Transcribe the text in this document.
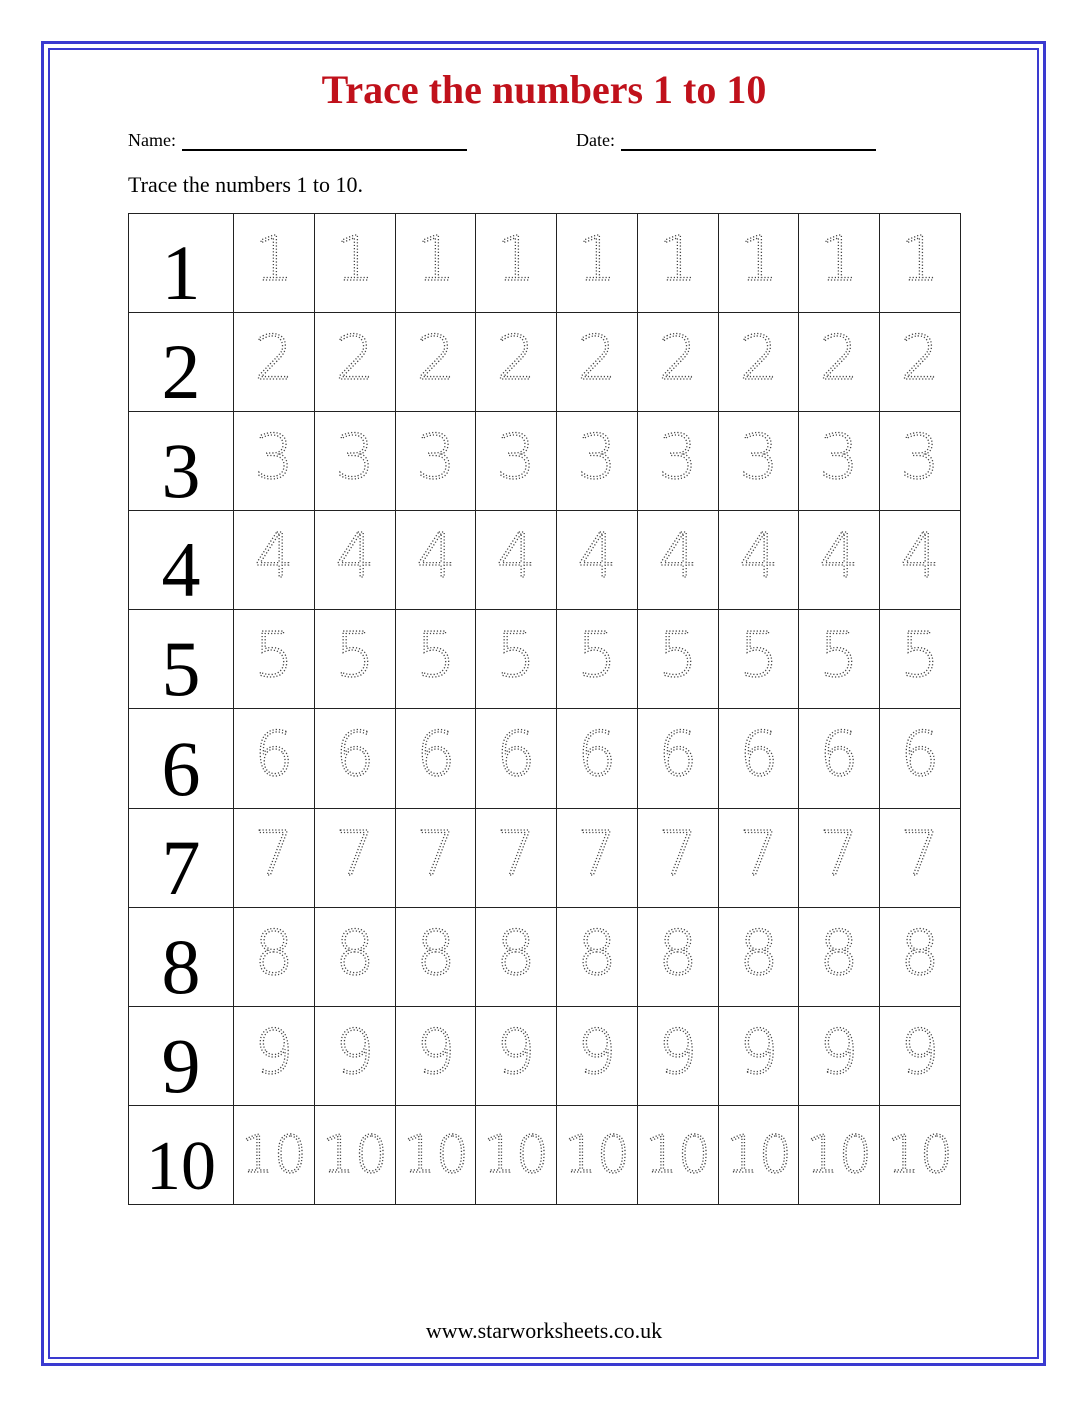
Trace the numbers 1 to 10
Name:	Date:
Trace the numbers 1 to 10.
1	1	1	1	1	1	1	1	1	1

2	2	2	2	2	2	2	2	2	2

3	3	3	3	3	3	3	3	3	3

4	4	4	4	4	4	4	4	4	4

5	5	5	5	5	5	5	5	5	5

6	6	6	6	6	6	6	6	6	6

7	7	7	7	7	7	7	7	7	7

8	8	8	8	8	8	8	8	8	8

9	9	9	9	9	9	9	9	9	9

10	10	10	10	10	10	10	10	10	10
www.starworksheets.co.uk
